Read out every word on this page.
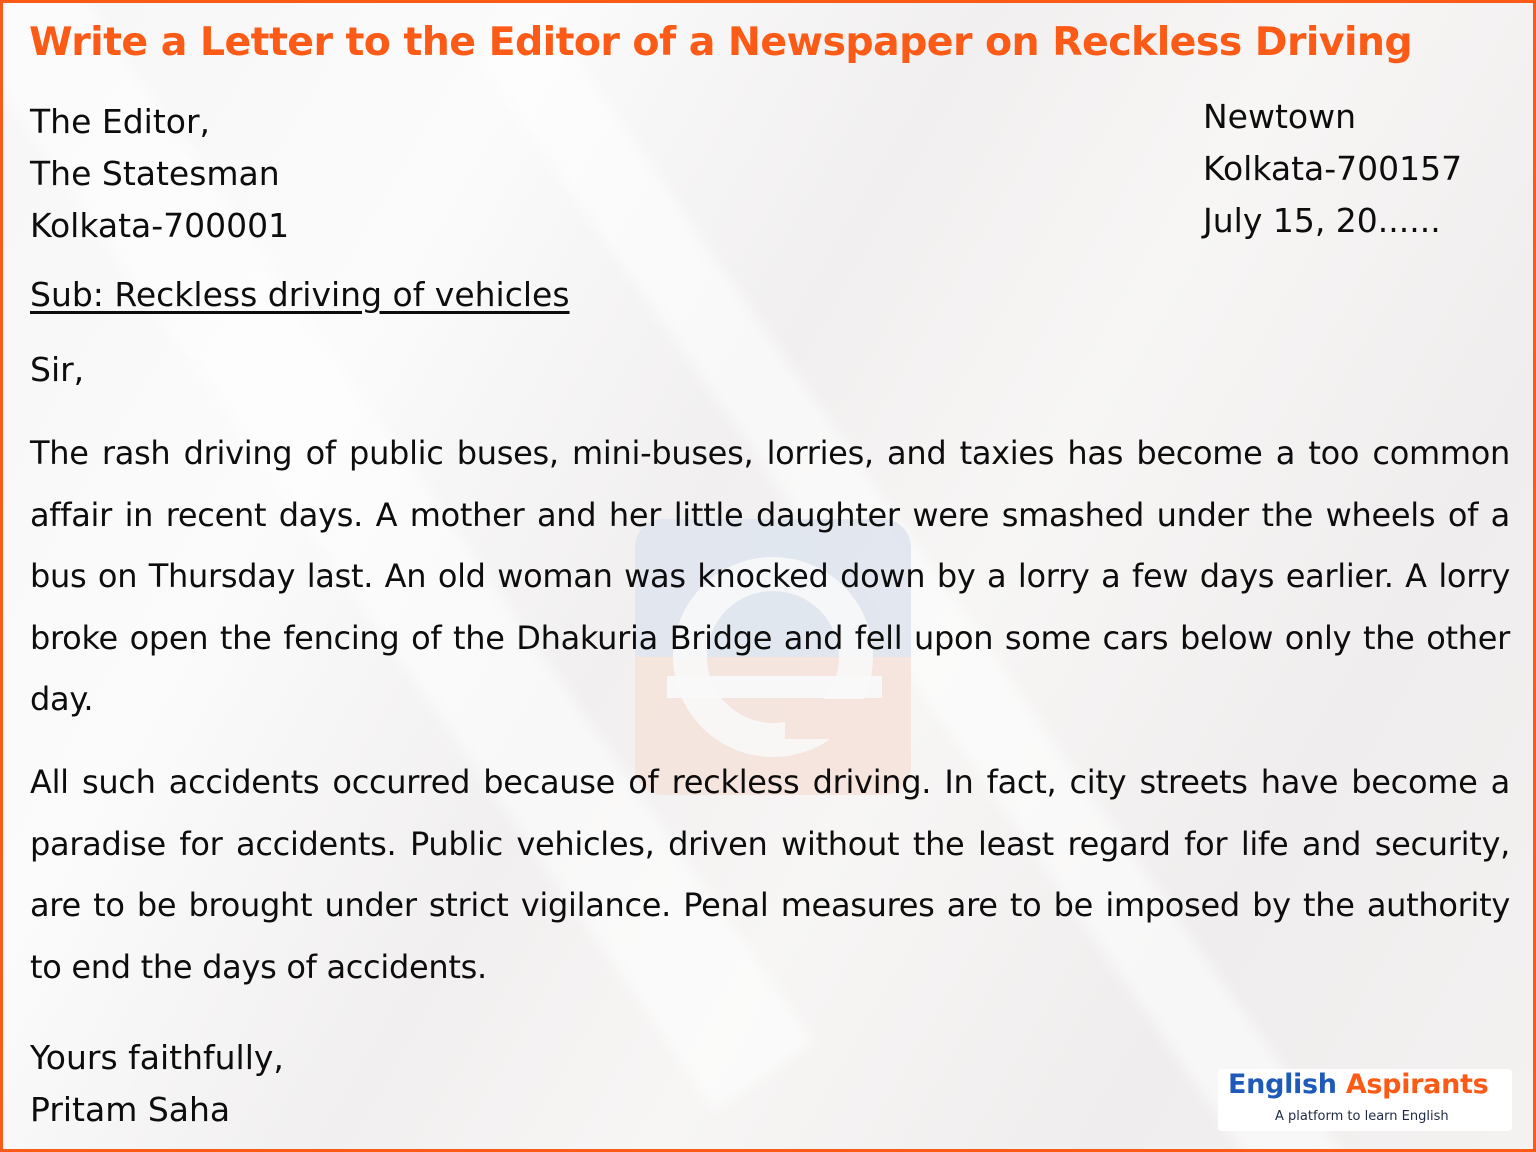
Write a Letter to the Editor of a Newspaper on Reckless Driving
The Editor,
The Statesman
Kolkata-700001
Newtown
Kolkata-700157
July 15, 20......
Sub: Reckless driving of vehicles
Sir,

The rash driving of public buses, mini-buses, lorries, and taxies has become a too common affair in recent days. A mother and her little daughter were smashed under the wheels of a bus on Thursday last. An old woman was knocked down by a lorry a few days earlier. A lorry broke open the fencing of the Dhakuria Bridge and fell upon some cars below only the other day.

All such accidents occurred because of reckless driving. In fact, city streets have become a paradise for accidents. Public vehicles, driven without the least regard for life and security, are to be brought under strict vigilance. Penal measures are to be imposed by the authority to end the days of accidents.

Yours faithfully,
Pritam Saha
English Aspirants
A platform to learn English
